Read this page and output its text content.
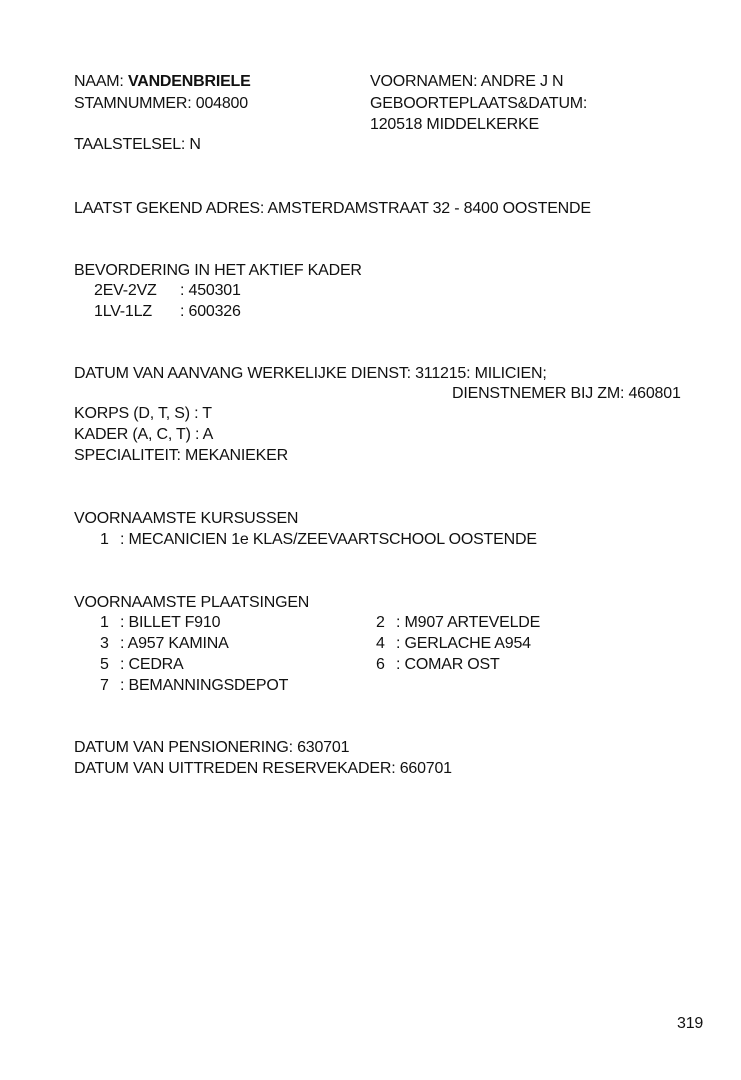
NAAM: VANDENBRIELE
STAMNUMMER: 004800
VOORNAMEN: ANDRE J N
GEBOORTEPLAATS&DATUM:
120518 MIDDELKERKE
TAALSTELSEL: N
LAATST GEKEND ADRES: AMSTERDAMSTRAAT 32 - 8400 OOSTENDE
BEVORDERING IN HET AKTIEF KADER
2EV-2VZ : 450301
1LV-1LZ : 600326
DATUM VAN AANVANG WERKELIJKE DIENST: 311215: MILICIEN;
DIENSTNEMER BIJ ZM: 460801
KORPS (D, T, S) : T
KADER (A, C, T) : A
SPECIALITEIT: MEKANIEKER
VOORNAAMSTE KURSUSSEN
1 : MECANICIEN 1e KLAS/ZEEVAARTSCHOOL OOSTENDE
VOORNAAMSTE PLAATSINGEN
1 : BILLET F910	2 : M907 ARTEVELDE
3 : A957 KAMINA	4 : GERLACHE A954
5 : CEDRA	6 : COMAR OST
7 : BEMANNINGSDEPOT
DATUM VAN PENSIONERING: 630701
DATUM VAN UITTREDEN RESERVEKADER: 660701
319
